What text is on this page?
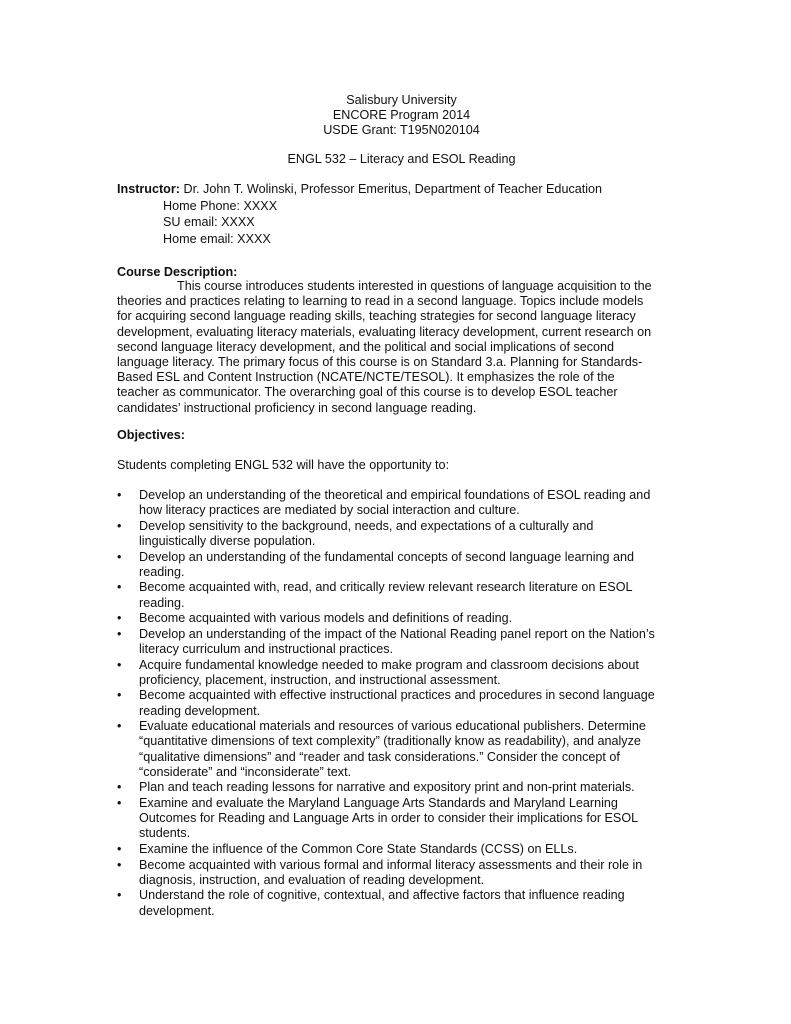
Salisbury University
ENCORE Program 2014
USDE Grant: T195N020104
ENGL 532 – Literacy and ESOL Reading
Instructor: Dr. John T. Wolinski, Professor Emeritus, Department of Teacher Education
Home Phone: XXXX
SU email: XXXX
Home email: XXXX
Course Description:
This course introduces students interested in questions of language acquisition to the
theories and practices relating to learning to read in a second language. Topics include models
for acquiring second language reading skills, teaching strategies for second language literacy
development, evaluating literacy materials, evaluating literacy development, current research on
second language literacy development, and the political and social implications of second
language literacy. The primary focus of this course is on Standard 3.a. Planning for Standards-
Based ESL and Content Instruction (NCATE/NCTE/TESOL). It emphasizes the role of the
teacher as communicator. The overarching goal of this course is to develop ESOL teacher
candidates’ instructional proficiency in second language reading.
Objectives:
Students completing ENGL 532 will have the opportunity to:
• Develop an understanding of the theoretical and empirical foundations of ESOL reading and
how literacy practices are mediated by social interaction and culture.
• Develop sensitivity to the background, needs, and expectations of a culturally and
linguistically diverse population.
• Develop an understanding of the fundamental concepts of second language learning and
reading.
• Become acquainted with, read, and critically review relevant research literature on ESOL
reading.
• Become acquainted with various models and definitions of reading.
• Develop an understanding of the impact of the National Reading panel report on the Nation’s
literacy curriculum and instructional practices.
• Acquire fundamental knowledge needed to make program and classroom decisions about
proficiency, placement, instruction, and instructional assessment.
• Become acquainted with effective instructional practices and procedures in second language
reading development.
• Evaluate educational materials and resources of various educational publishers. Determine
“quantitative dimensions of text complexity” (traditionally know as readability), and analyze
“qualitative dimensions” and “reader and task considerations.” Consider the concept of
“considerate” and “inconsiderate” text.
• Plan and teach reading lessons for narrative and expository print and non-print materials.
• Examine and evaluate the Maryland Language Arts Standards and Maryland Learning
Outcomes for Reading and Language Arts in order to consider their implications for ESOL
students.
• Examine the influence of the Common Core State Standards (CCSS) on ELLs.
• Become acquainted with various formal and informal literacy assessments and their role in
diagnosis, instruction, and evaluation of reading development.
• Understand the role of cognitive, contextual, and affective factors that influence reading
development.
